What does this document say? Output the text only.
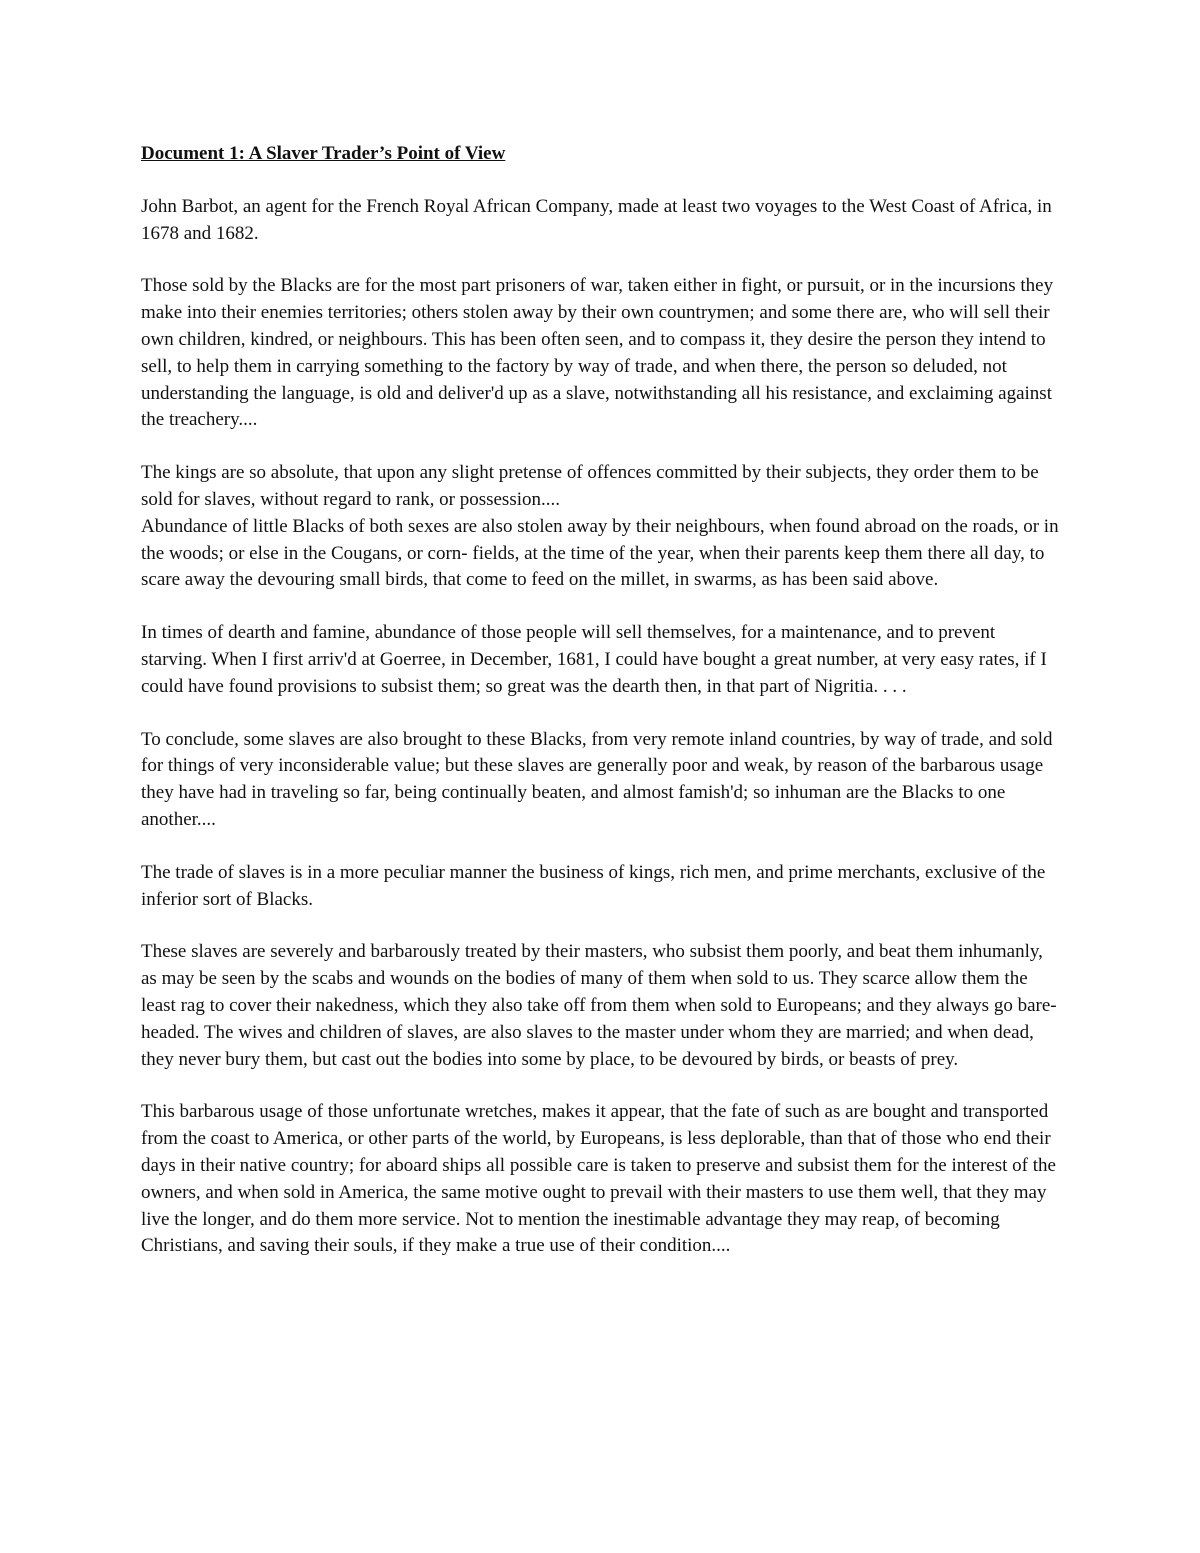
Document 1: A Slaver Trader’s Point of View

John Barbot, an agent for the French Royal African Company, made at least two voyages to the West Coast of Africa, in 1678 and 1682.

Those sold by the Blacks are for the most part prisoners of war, taken either in fight, or pursuit, or in the incursions they make into their enemies territories; others stolen away by their own countrymen; and some there are, who will sell their own children, kindred, or neighbours. This has been often seen, and to compass it, they desire the person they intend to sell, to help them in carrying something to the factory by way of trade, and when there, the person so deluded, not understanding the language, is old and deliver'd up as a slave, notwithstanding all his resistance, and exclaiming against the treachery....

The kings are so absolute, that upon any slight pretense of offences committed by their subjects, they order them to be sold for slaves, without regard to rank, or possession....

Abundance of little Blacks of both sexes are also stolen away by their neighbours, when found abroad on the roads, or in the woods; or else in the Cougans, or corn- fields, at the time of the year, when their parents keep them there all day, to scare away the devouring small birds, that come to feed on the millet, in swarms, as has been said above.

In times of dearth and famine, abundance of those people will sell themselves, for a maintenance, and to prevent starving. When I first arriv'd at Goerree, in December, 1681, I could have bought a great number, at very easy rates, if I could have found provisions to subsist them; so great was the dearth then, in that part of Nigritia. . . .

To conclude, some slaves are also brought to these Blacks, from very remote inland countries, by way of trade, and sold for things of very inconsiderable value; but these slaves are generally poor and weak, by reason of the barbarous usage they have had in traveling so far, being continually beaten, and almost famish'd; so inhuman are the Blacks to one another....

The trade of slaves is in a more peculiar manner the business of kings, rich men, and prime merchants, exclusive of the inferior sort of Blacks.

These slaves are severely and barbarously treated by their masters, who subsist them poorly, and beat them inhumanly, as may be seen by the scabs and wounds on the bodies of many of them when sold to us. They scarce allow them the least rag to cover their nakedness, which they also take off from them when sold to Europeans; and they always go bare- headed. The wives and children of slaves, are also slaves to the master under whom they are married; and when dead, they never bury them, but cast out the bodies into some by place, to be devoured by birds, or beasts of prey.

This barbarous usage of those unfortunate wretches, makes it appear, that the fate of such as are bought and transported from the coast to America, or other parts of the world, by Europeans, is less deplorable, than that of those who end their days in their native country; for aboard ships all possible care is taken to preserve and subsist them for the interest of the owners, and when sold in America, the same motive ought to prevail with their masters to use them well, that they may live the longer, and do them more service. Not to mention the inestimable advantage they may reap, of becoming Christians, and saving their souls, if they make a true use of their condition....
